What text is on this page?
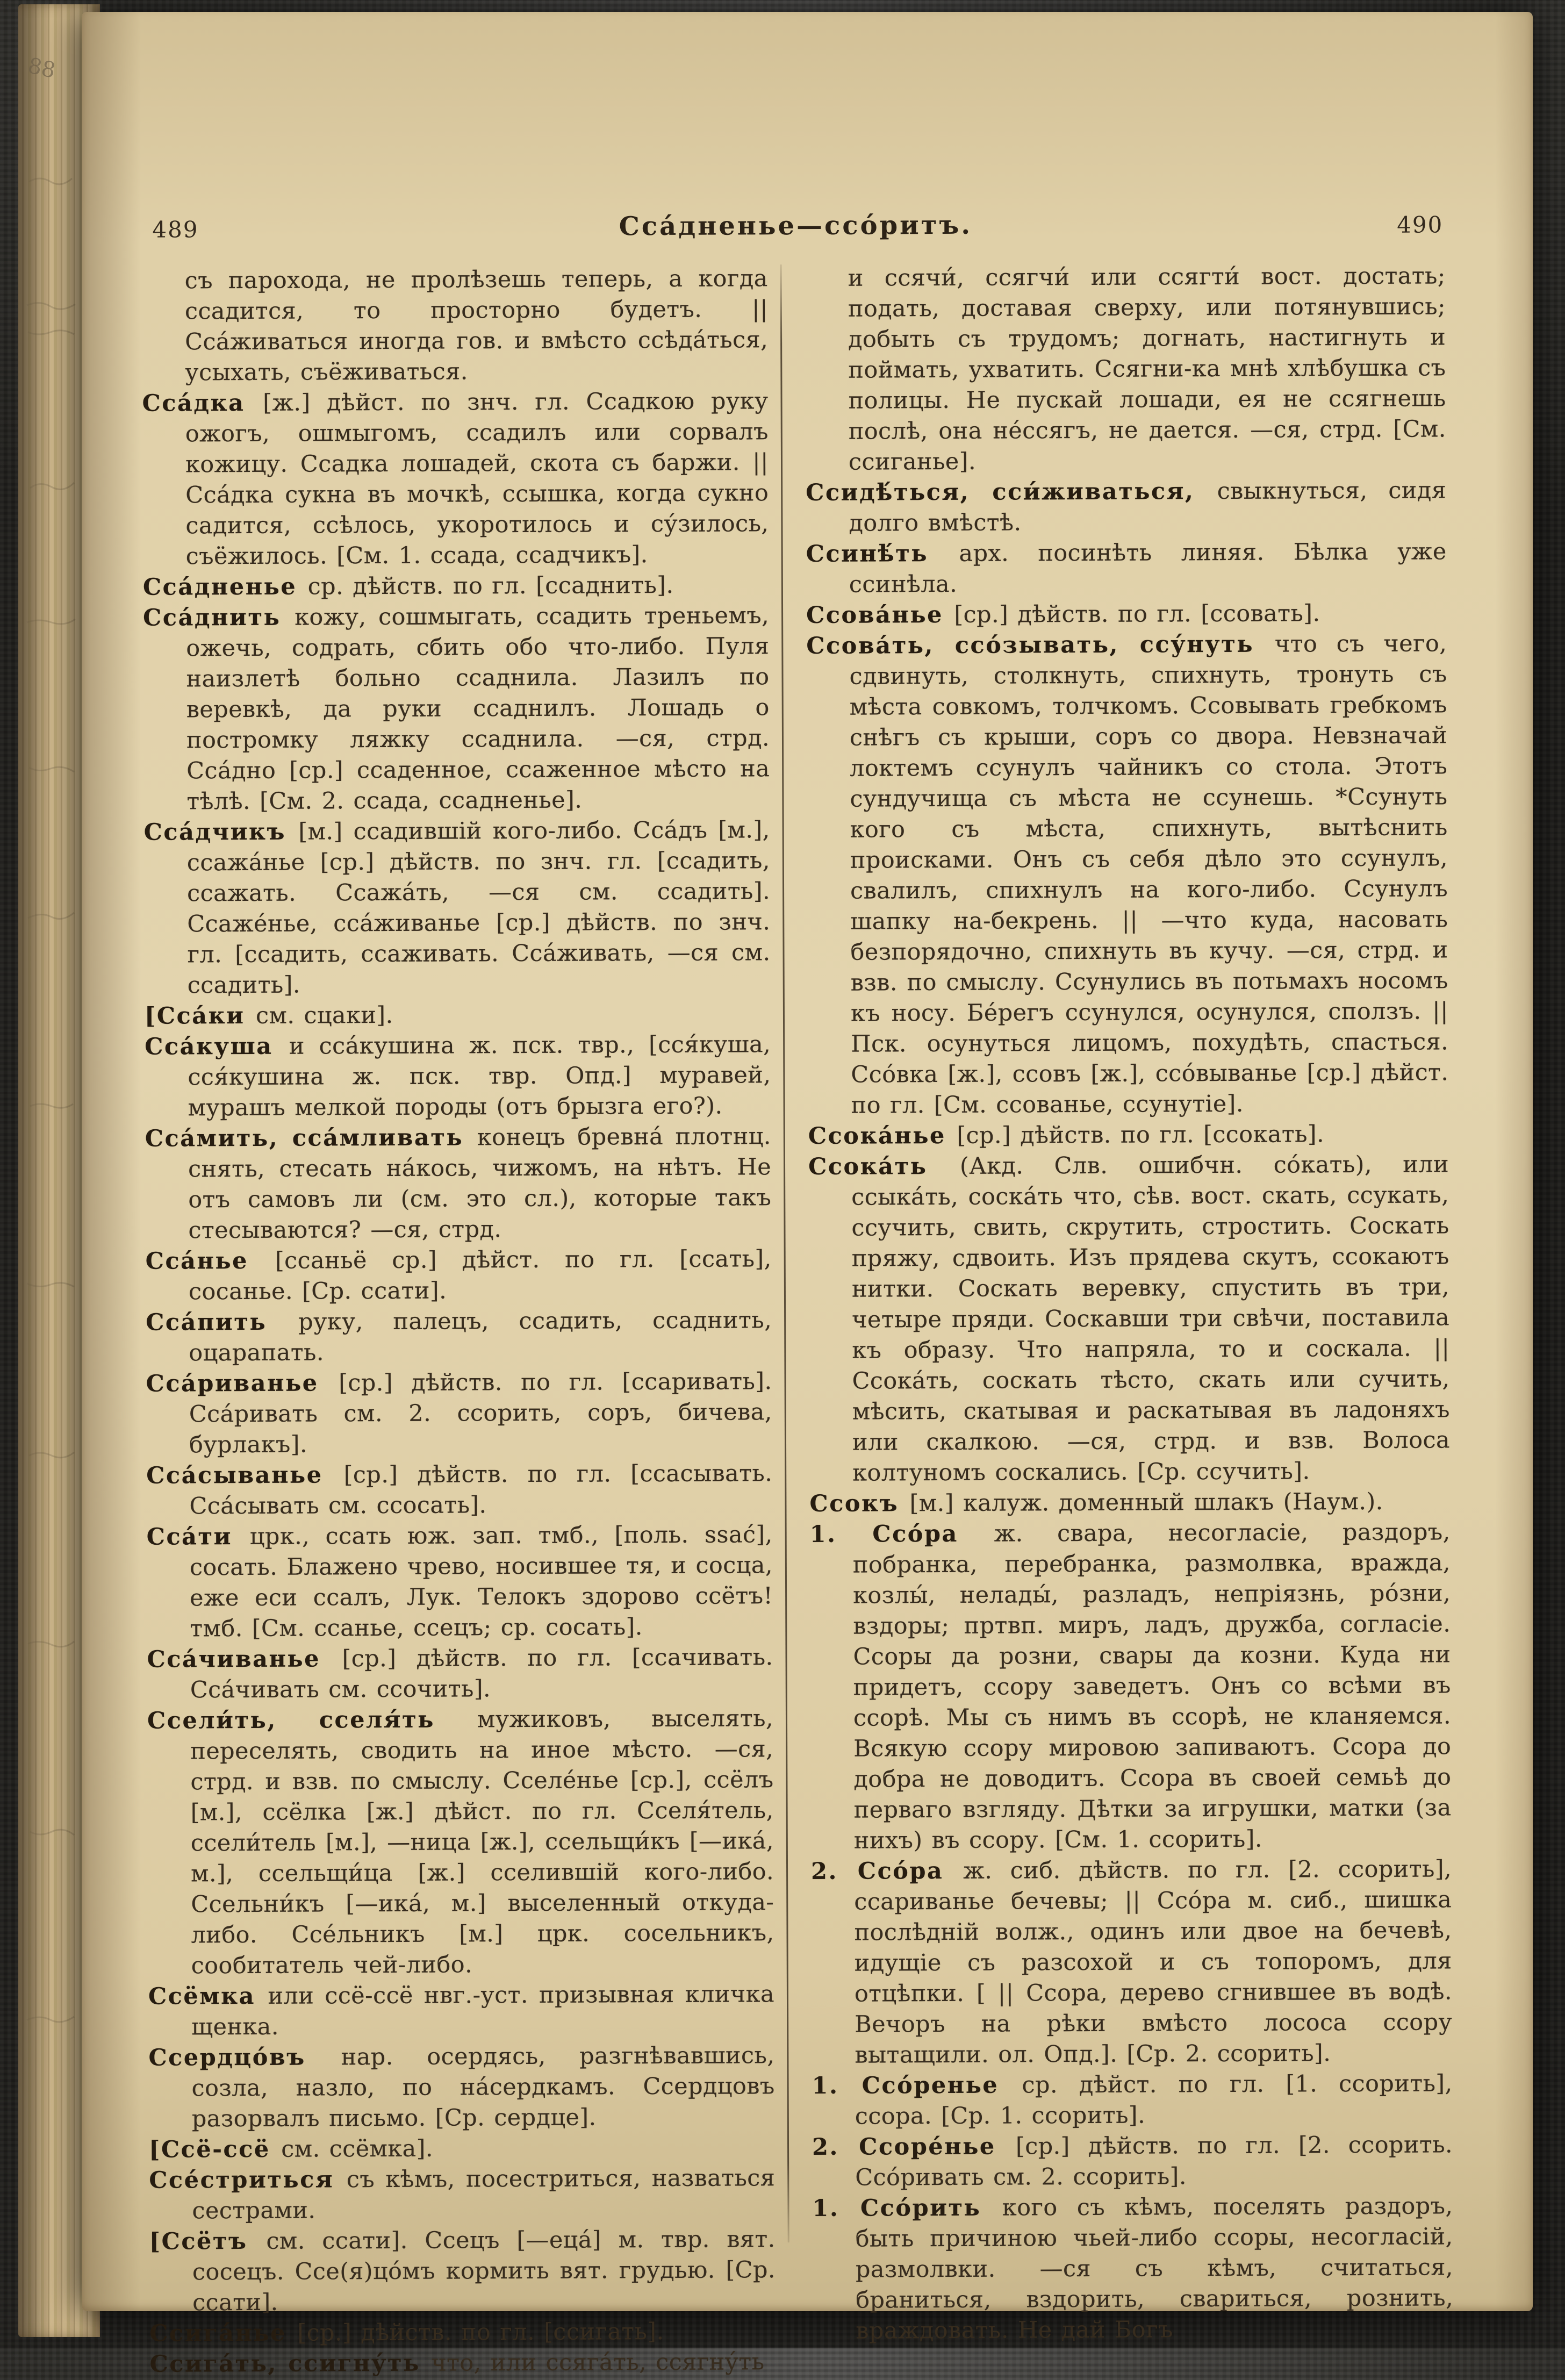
88
489	Сса́дненье—ссо́ритъ.	490

съ парохода, не пролѣзешь теперь, а когда ссадится, то просторно будетъ. || Сса́живаться иногда гов. и вмѣсто ссѣда́ться, усыхать, съёживаться.

Сса́дка [ж.] дѣйст. по знч. гл. Ссадкою руку ожогъ, ошмыгомъ, ссадилъ или сорвалъ кожицу. Ссадка лошадей, скота съ баржи. || Сса́дка сукна въ мочкѣ, ссышка, когда сукно садится, ссѣлось, укоротилось и су́зилось, съёжилось. [См. 1. ссада, ссадчикъ].

Сса́дненье ср. дѣйств. по гл. [ссаднить].

Сса́днить кожу, сошмыгать, ссадить треньемъ, ожечь, содрать, сбить обо что-либо. Пуля наизлетѣ больно ссаднила. Лазилъ по веревкѣ, да руки ссаднилъ. Лошадь о постромку ляжку ссаднила. —ся, стрд. Сса́дно [ср.] ссаденное, ссаженное мѣсто на тѣлѣ. [См. 2. ссада, ссадненье].

Сса́дчикъ [м.] ссадившій кого-либо. Сса́дъ [м.], ссажа́нье [ср.] дѣйств. по знч. гл. [ссадить, ссажать. Ссажа́ть, —ся см. ссадить]. Ссаже́нье, сса́живанье [ср.] дѣйств. по знч. гл. [ссадить, ссаживать. Сса́живать, —ся см. ссадить].

[Сса́ки см. сцаки].

Сса́куша и сса́кушина ж. пск. твр., [сся́куша, сся́кушина ж. пск. твр. Опд.] муравей, мурашъ мелкой породы (отъ брызга его?).

Сса́мить, сса́мливать конецъ бревна́ плотнц. снять, стесать на́кось, чижомъ, на нѣтъ. Не отъ самовъ ли (см. это сл.), которые такъ стесываются? —ся, стрд.

Сса́нье [ссаньё ср.] дѣйст. по гл. [ссать], сосанье. [Ср. ссати].

Сса́пить руку, палецъ, ссадить, ссаднить, оцарапать.

Сса́риванье [ср.] дѣйств. по гл. [ссаривать]. Сса́ривать см. 2. ссорить, соръ, бичева, бурлакъ].

Сса́сыванье [ср.] дѣйств. по гл. [ссасывать. Сса́сывать см. ссосать].

Сса́ти црк., ссать юж. зап. тмб., [поль. ssać], сосать. Блажено чрево, носившее тя, и сосца, еже еси ссалъ, Лук. Телокъ здорово ссётъ! тмб. [См. ссанье, ссецъ; ср. сосать].

Сса́чиванье [ср.] дѣйств. по гл. [ссачивать. Сса́чивать см. ссочить].

Ссели́ть, сселя́ть мужиковъ, выселять, переселять, сводить на иное мѣсто. —ся, стрд. и взв. по смыслу. Сселе́нье [ср.], ссёлъ [м.], ссёлка [ж.] дѣйст. по гл. Сселя́тель, ссели́тель [м.], —ница [ж.], ссельщи́къ [—ика́, м.], ссельщи́ца [ж.] сселившій кого-либо. Ссельни́къ [—ика́, м.] выселенный откуда-либо. Ссе́льникъ [м.] црк. сосельникъ, сообитатель чей-либо.

Ссёмка или ссё-ссё нвг.-уст. призывная кличка щенка.

Ссердцо́въ нар. осердясь, разгнѣвавшись, созла, назло, по на́сердкамъ. Ссердцовъ разорвалъ письмо. [Ср. сердце].

[Ссё-ссё см. ссёмка].

Ссе́стриться съ кѣмъ, посестриться, назваться сестрами.

[Ссётъ см. ссати]. Ссецъ [—еца́] м. твр. вят. сосецъ. Ссе(я)цо́мъ кормить вят. грудью. [Ср. ссати].

Ссига́нье [ср.] дѣйств. по гл. [ссигать].

Ссига́ть, ссигну́ть что, или ссяга́ть, ссягну́ть

и ссячи́, ссягчи́ или ссягти́ вост. достать; подать, доставая сверху, или потянувшись; добыть съ трудомъ; догнать, настигнуть и поймать, ухватить. Ссягни-ка мнѣ хлѣбушка съ полицы. Не пускай лошади, ея не ссягнешь послѣ, она не́ссягъ, не дается. —ся, стрд. [См. ссиганье].

Ссидѣ́ться, сси́живаться, свыкнуться, сидя долго вмѣстѣ.

Ссинѣ́ть арх. посинѣть линяя. Бѣлка уже ссинѣла.

Ссова́нье [ср.] дѣйств. по гл. [ссовать].

Ссова́ть, ссо́зывать, ссу́нуть что съ чего, сдвинуть, столкнуть, спихнуть, тронуть съ мѣста совкомъ, толчкомъ. Ссовывать гребкомъ снѣгъ съ крыши, соръ со двора. Невзначай локтемъ ссунулъ чайникъ со стола. Этотъ сундучища съ мѣста не ссунешь. *Ссунуть кого съ мѣста, спихнуть, вытѣснить происками. Онъ съ себя дѣло это ссунулъ, свалилъ, спихнулъ на кого-либо. Ссунулъ шапку на-бекрень. || —что куда, насовать безпорядочно, спихнуть въ кучу. —ся, стрд. и взв. по смыслу. Ссунулись въ потьмахъ носомъ къ носу. Бе́регъ ссунулся, осунулся, сползъ. || Пск. осунуться лицомъ, похудѣть, спасться. Ссо́вка [ж.], ссовъ [ж.], ссо́выванье [ср.] дѣйст. по гл. [См. ссованье, ссунутіе].

Ссока́нье [ср.] дѣйств. по гл. [ссокать].

Ссока́ть (Акд. Слв. ошибчн. со́кать), или ссыка́ть, соска́ть что, сѣв. вост. скать, ссукать, ссучить, свить, скрутить, стростить. Соскать пряжу, сдвоить. Изъ прядева скутъ, ссокаютъ нитки. Соскать веревку, спустить въ три, четыре пряди. Соскавши три свѣчи, поставила къ образу. Что напряла, то и соскала. || Ссока́ть, соскать тѣсто, скать или сучить, мѣсить, скатывая и раскатывая въ ладоняхъ или скалкою. —ся, стрд. и взв. Волоса колтуномъ соскались. [Ср. ссучить].

Ссокъ [м.] калуж. доменный шлакъ (Наум.).

1. Ссо́ра ж. свара, несогласіе, раздоръ, побранка, перебранка, размолвка, вражда, козлы́, нелады́, разладъ, непріязнь, ро́зни, вздоры; пртвп. миръ, ладъ, дружба, согласіе. Ссоры да розни, свары да козни. Куда ни придетъ, ссору заведетъ. Онъ со всѣми въ ссорѣ. Мы съ нимъ въ ссорѣ, не кланяемся. Всякую ссору мировою запиваютъ. Ссора до добра не доводитъ. Ссора въ своей семьѣ до перваго взгляду. Дѣтки за игрушки, матки (за нихъ) въ ссору. [См. 1. ссорить].

2. Ссо́ра ж. сиб. дѣйств. по гл. [2. ссорить], ссариванье бечевы; || Ссо́ра м. сиб., шишка послѣдній волж., одинъ или двое на бечевѣ, идущіе съ разсохой и съ топоромъ, для отцѣпки. [ || Ссора, дерево сгнившее въ водѣ. Вечоръ на рѣки вмѣсто лососа ссору вытащили. ол. Опд.]. [Ср. 2. ссорить].

1. Ссо́ренье ср. дѣйст. по гл. [1. ссорить], ссора. [Ср. 1. ссорить].

2. Ссоре́нье [ср.] дѣйств. по гл. [2. ссорить. Ссо́ривать см. 2. ссорить].

1. Ссо́рить кого съ кѣмъ, поселять раздоръ, быть причиною чьей-либо ссоры, несогласій, размолвки. —ся съ кѣмъ, считаться, браниться, вздорить, свариться, рознить, враждовать. Не дай Богъ
